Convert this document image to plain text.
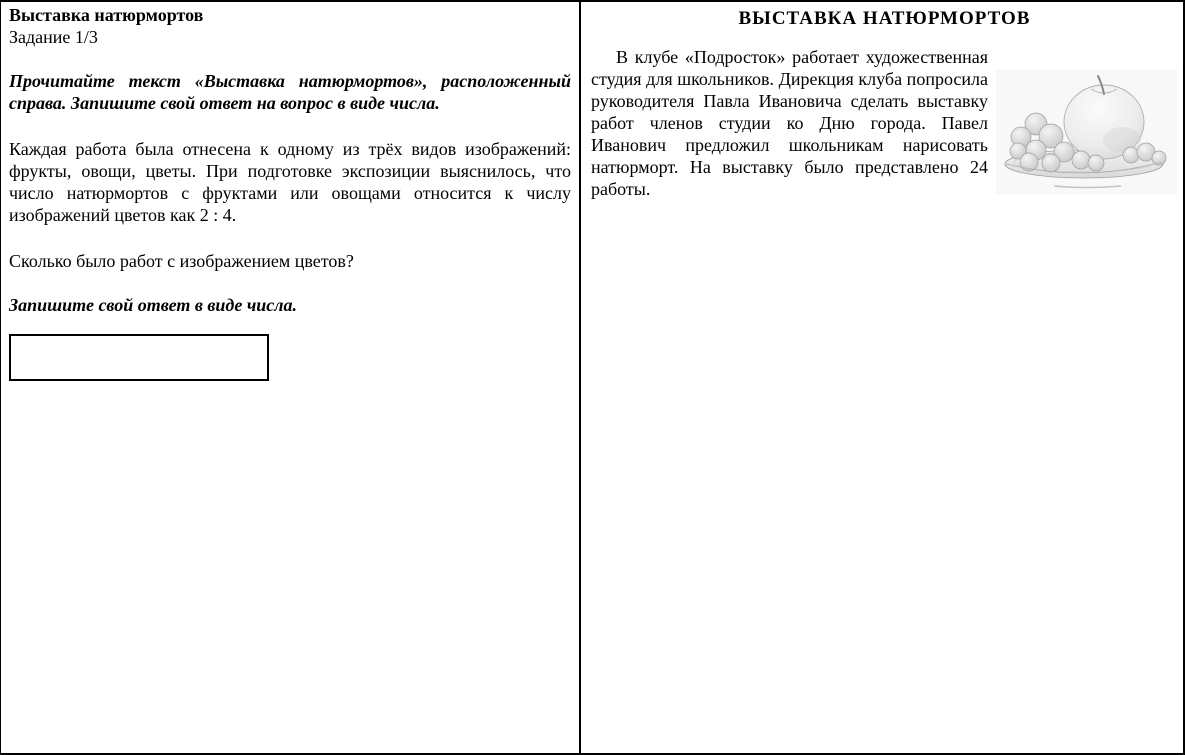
Выставка натюрмортов
Задание 1/3

Прочитайте текст «Выставка натюрмортов», расположенный справа. Запишите свой ответ на вопрос в виде числа.

Каждая работа была отнесена к одному из трёх видов изображений: фрукты, овощи, цветы. При подготовке экспозиции выяснилось, что число натюрмортов с фруктами или овощами относится к числу изображений цветов как 2 : 4.

Сколько было работ с изображением цветов?

Запишите свой ответ в виде числа.

ВЫСТАВКА НАТЮРМОРТОВ

В клубе «Подросток» работает художественная студия для школьников. Дирекция клуба попросила руководителя Павла Ивановича сделать выставку работ членов студии ко Дню города. Павел Иванович предложил школьникам нарисовать натюрморт. На выставку было представлено 24 работы.
